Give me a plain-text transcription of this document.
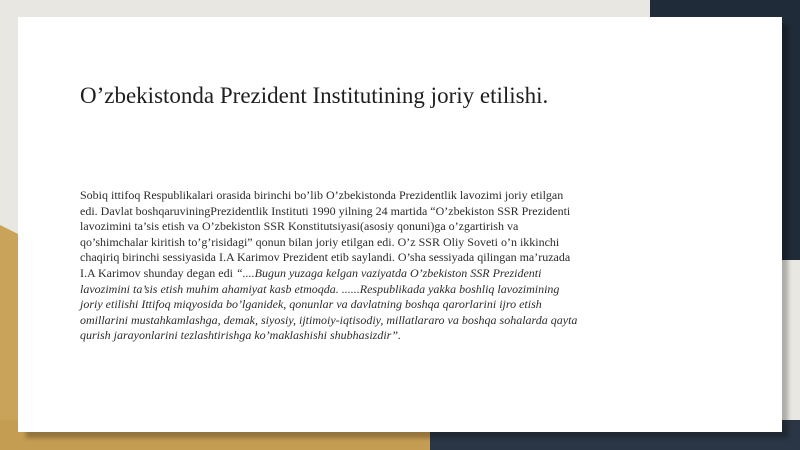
O’zbekistonda Prezident Institutining joriy etilishi.

Sobiq ittifoq Respublikalari orasida birinchi bo’lib O’zbekistonda Prezidentlik lavozimi joriy etilgan edi. Davlat boshqaruviningPrezidentlik Instituti 1990 yilning 24 martida “O’zbekiston SSR Prezidenti lavozimini ta’sis etish va O’zbekiston SSR Konstitutsiyasi(asosiy qonuni)ga o’zgartirish va qo’shimchalar kiritish to’g’risidagi” qonun bilan joriy etilgan edi. O’z SSR Oliy Soveti o’n ikkinchi chaqiriq birinchi sessiyasida I.A Karimov Prezident etib saylandi. O’sha sessiyada qilingan ma’ruzada I.A Karimov shunday degan edi “....Bugun yuzaga kelgan vaziyatda O’zbekiston SSR Prezidenti lavozimini ta’sis etish muhim ahamiyat kasb etmoqda. ......Respublikada yakka boshliq lavozimining joriy etilishi Ittifoq miqyosida bo’lganidek, qonunlar va davlatning boshqa qarorlarini ijro etish omillarini mustahkamlashga, demak, siyosiy, ijtimoiy-iqtisodiy, millatlararo va boshqa sohalarda qayta qurish jarayonlarini tezlashtirishga ko’maklashishi shubhasizdir”.
